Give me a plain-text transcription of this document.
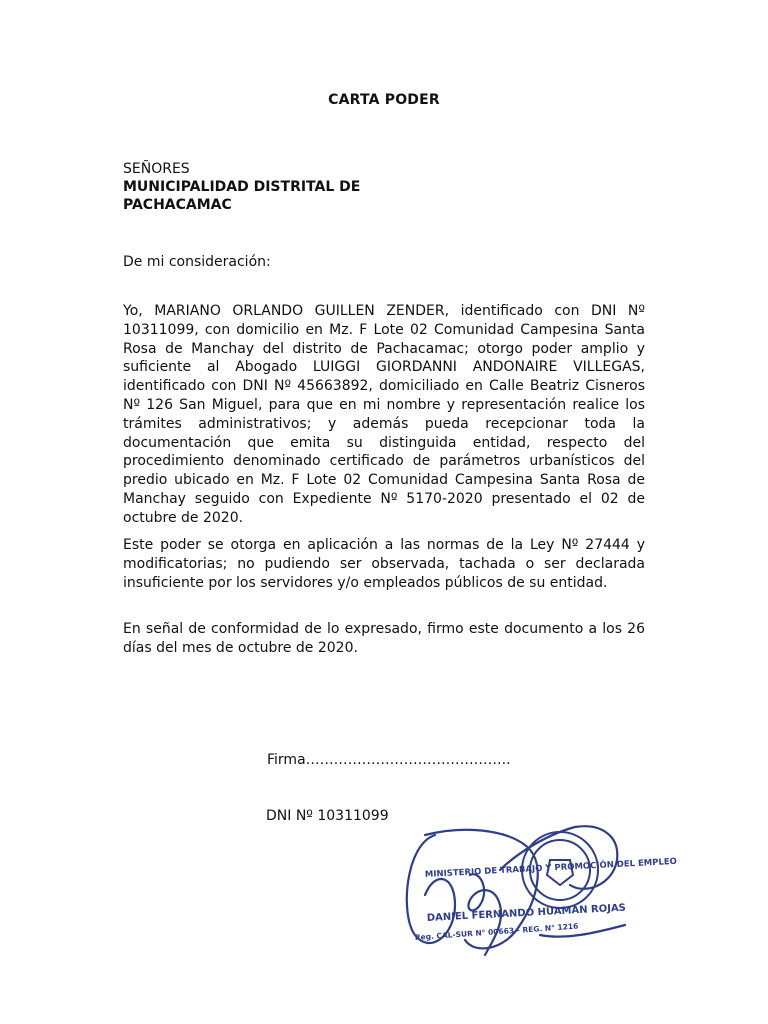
CARTA PODER
SEÑORES
MUNICIPALIDAD DISTRITAL DE
PACHACAMAC
De mi consideración:
Yo, MARIANO ORLANDO GUILLEN ZENDER, identificado con DNI Nº 10311099, con domicilio en Mz. F Lote 02 Comunidad Campesina Santa Rosa de Manchay del distrito de Pachacamac; otorgo poder amplio y suficiente al Abogado LUIGGI GIORDANNI ANDONAIRE VILLEGAS, identificado con DNI Nº 45663892, domiciliado en Calle Beatriz Cisneros Nº 126 San Miguel, para que en mi nombre y representación realice los trámites administrativos; y además pueda recepcionar toda la documentación que emita su distinguida entidad, respecto del procedimiento denominado certificado de parámetros urbanísticos del predio ubicado en Mz. F Lote 02 Comunidad Campesina Santa Rosa de Manchay seguido con Expediente Nº 5170-2020 presentado el 02 de octubre de 2020.
Este poder se otorga en aplicación a las normas de la Ley Nº 27444 y modificatorias; no pudiendo ser observada, tachada o ser declarada insuficiente por los servidores y/o empleados públicos de su entidad.
En señal de conformidad de lo expresado, firmo este documento a los 26 días del mes de octubre de 2020.
Firma……………………………………..
DNI Nº 10311099
MINISTERIO DE TRABAJO Y PROMOCIÓN DEL EMPLEO
DANIEL FERNANDO HUAMAN ROJAS
Reg. CAL-SUR N° 00663 - REG. N° 1216
